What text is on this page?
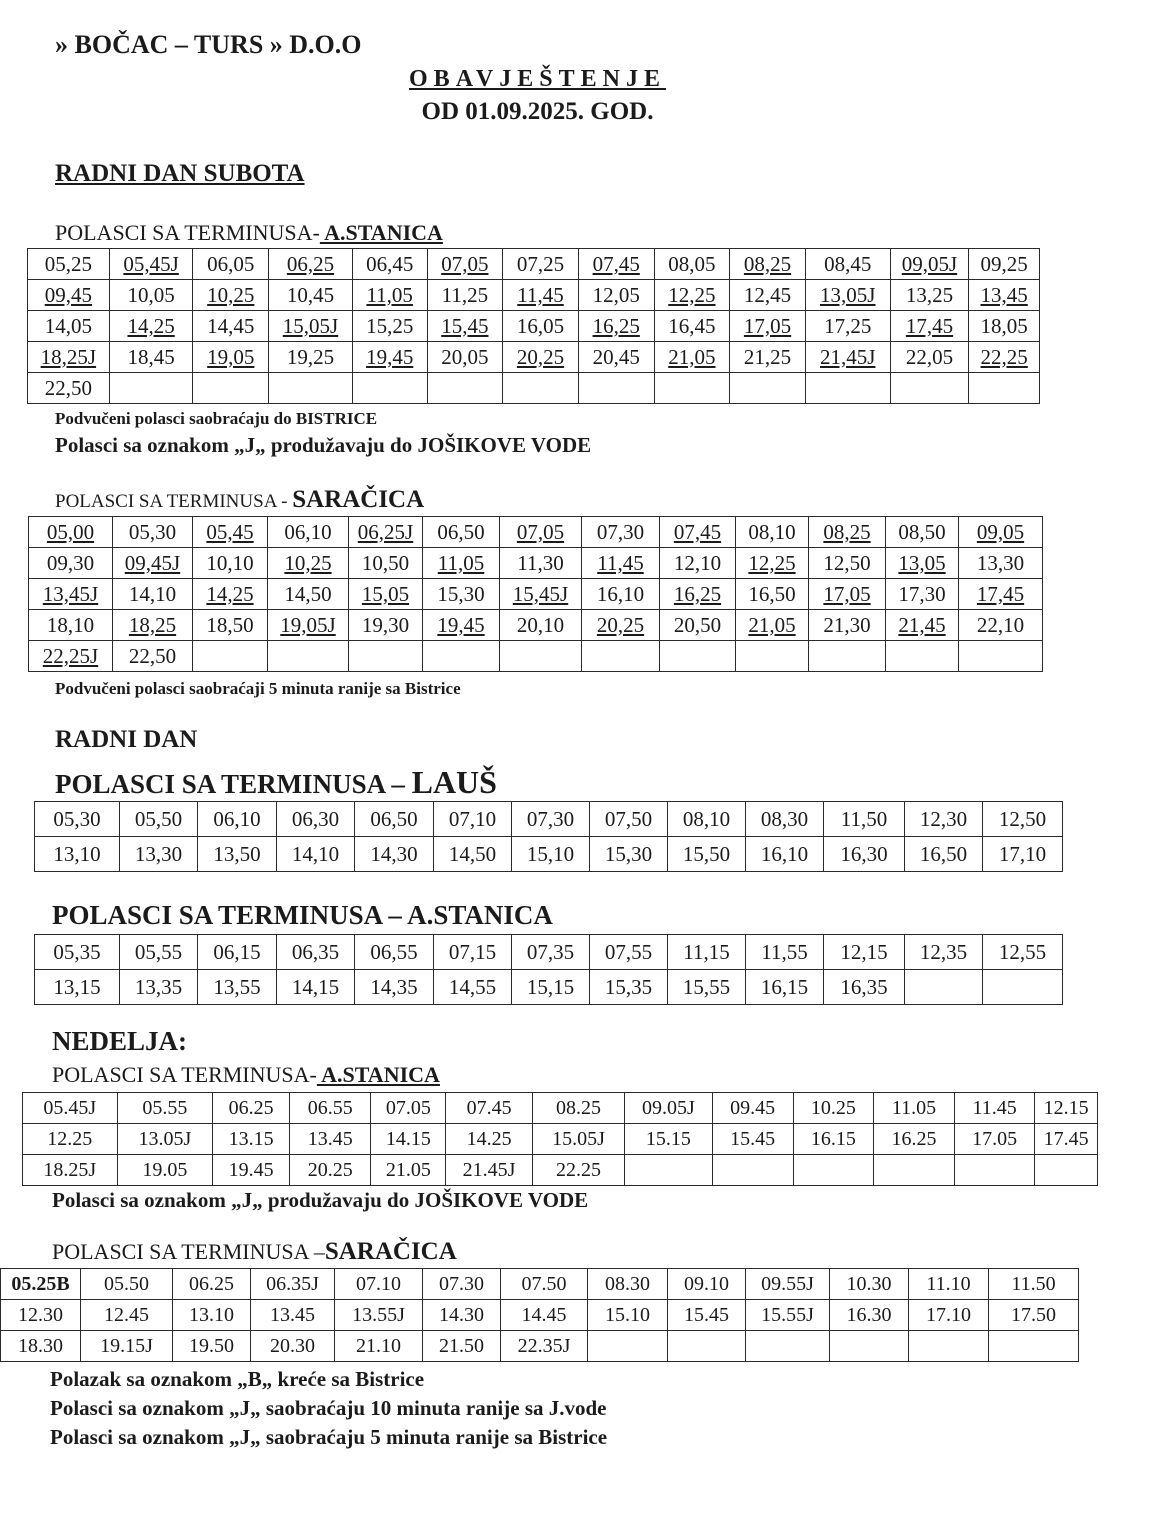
» BOČAC – TURS » D.O.O
OBAVJEŠTENJE
OD 01.09.2025. GOD.
RADNI DAN SUBOTA
POLASCI SA TERMINUSA- A.STANICA
05,25	05,45J	06,05	06,25	06,45	07,05	07,25	07,45	08,05	08,25	08,45	09,05J	09,25
09,45	10,05	10,25	10,45	11,05	11,25	11,45	12,05	12,25	12,45	13,05J	13,25	13,45
14,05	14,25	14,45	15,05J	15,25	15,45	16,05	16,25	16,45	17,05	17,25	17,45	18,05
18,25J	18,45	19,05	19,25	19,45	20,05	20,25	20,45	21,05	21,25	21,45J	22,05	22,25
22,50												
Podvučeni polasci saobraćaju do BISTRICE
Polasci sa oznakom „J„ produžavaju do JOŠIKOVE VODE
POLASCI SA TERMINUSA - SARAČICA
05,00	05,30	05,45	06,10	06,25J	06,50	07,05	07,30	07,45	08,10	08,25	08,50	09,05
09,30	09,45J	10,10	10,25	10,50	11,05	11,30	11,45	12,10	12,25	12,50	13,05	13,30
13,45J	14,10	14,25	14,50	15,05	15,30	15,45J	16,10	16,25	16,50	17,05	17,30	17,45
18,10	18,25	18,50	19,05J	19,30	19,45	20,10	20,25	20,50	21,05	21,30	21,45	22,10
22,25J	22,50											
Podvučeni polasci saobraćaji 5 minuta ranije sa Bistrice
RADNI DAN
POLASCI SA TERMINUSA – LAUŠ
05,30	05,50	06,10	06,30	06,50	07,10	07,30	07,50	08,10	08,30	11,50	12,30	12,50
13,10	13,30	13,50	14,10	14,30	14,50	15,10	15,30	15,50	16,10	16,30	16,50	17,10
POLASCI SA TERMINUSA – A.STANICA
05,35	05,55	06,15	06,35	06,55	07,15	07,35	07,55	11,15	11,55	12,15	12,35	12,55
13,15	13,35	13,55	14,15	14,35	14,55	15,15	15,35	15,55	16,15	16,35		
NEDELJA:
POLASCI SA TERMINUSA- A.STANICA
05.45J	05.55	06.25	06.55	07.05	07.45	08.25	09.05J	09.45	10.25	11.05	11.45	12.15
12.25	13.05J	13.15	13.45	14.15	14.25	15.05J	15.15	15.45	16.15	16.25	17.05	17.45
18.25J	19.05	19.45	20.25	21.05	21.45J	22.25						
Polasci sa oznakom „J„ produžavaju do JOŠIKOVE VODE
POLASCI SA TERMINUSA –SARAČICA
05.25B	05.50	06.25	06.35J	07.10	07.30	07.50	08.30	09.10	09.55J	10.30	11.10	11.50
12.30	12.45	13.10	13.45	13.55J	14.30	14.45	15.10	15.45	15.55J	16.30	17.10	17.50
18.30	19.15J	19.50	20.30	21.10	21.50	22.35J						
Polazak sa oznakom „B„ kreće sa Bistrice
Polasci sa oznakom „J„ saobraćaju 10 minuta ranije sa J.vode
Polasci sa oznakom „J„ saobraćaju 5 minuta ranije sa Bistrice
